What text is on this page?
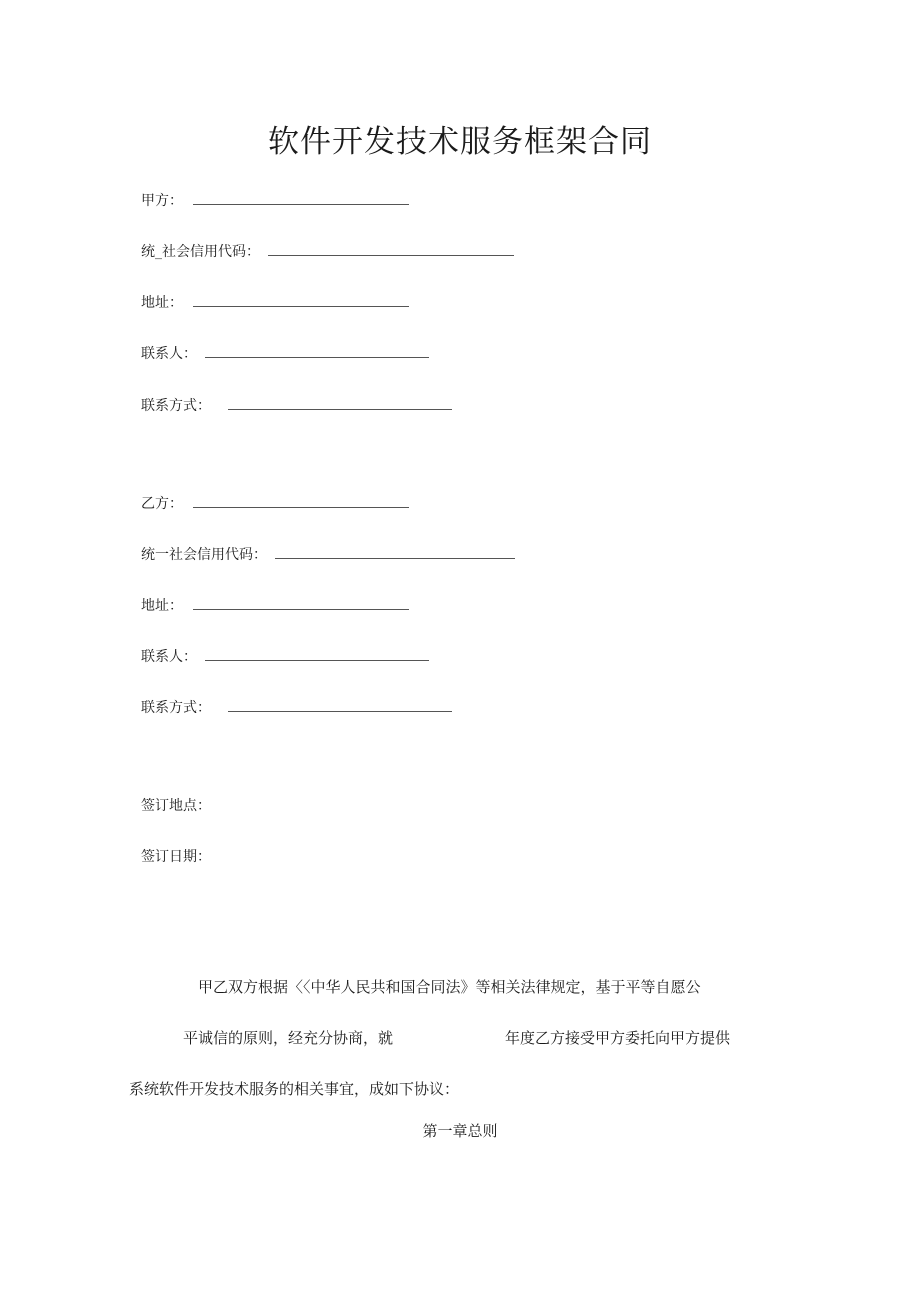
软件开发技术服务框架合同
甲方：
统_社会信用代码：
地址：
联系人：
联系方式：
乙方：
统一社会信用代码：
地址：
联系人：
联系方式：
签订地点：
签订日期：
甲乙双方根据〈〈中华人民共和国合同法》等相关法律规定，基于平等自愿公
平诚信的原则，经充分协商，就	年度乙方接受甲方委托向甲方提供
系统软件开发技术服务的相关事宜，成如下协议：
第一章总则
